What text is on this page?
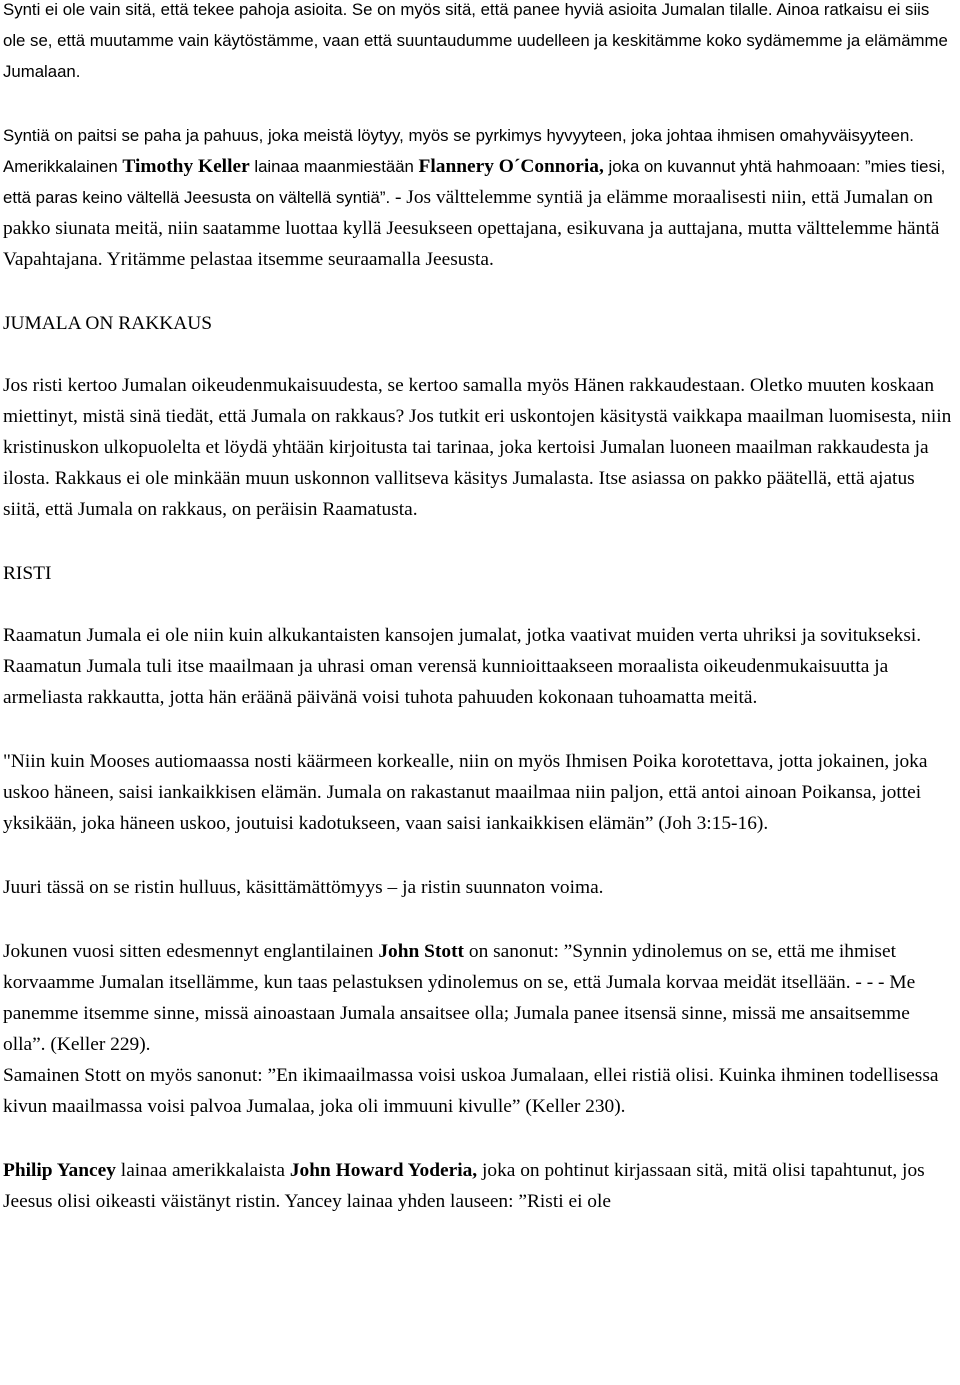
Synti ei ole vain sitä, että tekee pahoja asioita. Se on myös sitä, että panee hyviä asioita Jumalan tilalle. Ainoa ratkaisu ei siis ole se, että muutamme vain käytöstämme, vaan että suuntaudumme uudelleen ja keskitämme koko sydämemme ja elämämme Jumalaan.

Syntiä on paitsi se paha ja pahuus, joka meistä löytyy, myös se pyrkimys hyvyyteen, joka johtaa ihmisen omahyväisyyteen. Amerikkalainen Timothy Keller lainaa maanmiestään Flannery O´Connoria, joka on kuvannut yhtä hahmoaan: ”mies tiesi, että paras keino vältellä Jeesusta on vältellä syntiä”. - Jos välttelemme syntiä ja elämme moraalisesti niin, että Jumalan on pakko siunata meitä, niin saatamme luottaa kyllä Jeesukseen opettajana, esikuvana ja auttajana, mutta välttelemme häntä Vapahtajana. Yritämme pelastaa itsemme seuraamalla Jeesusta.

JUMALA ON RAKKAUS

Jos risti kertoo Jumalan oikeudenmukaisuudesta, se kertoo samalla myös Hänen rakkaudestaan. Oletko muuten koskaan miettinyt, mistä sinä tiedät, että Jumala on rakkaus? Jos tutkit eri uskontojen käsitystä vaikkapa maailman luomisesta, niin kristinuskon ulkopuolelta et löydä yhtään kirjoitusta tai tarinaa, joka kertoisi Jumalan luoneen maailman rakkaudesta ja ilosta. Rakkaus ei ole minkään muun uskonnon vallitseva käsitys Jumalasta. Itse asiassa on pakko päätellä, että ajatus siitä, että Jumala on rakkaus, on peräisin Raamatusta.

RISTI

Raamatun Jumala ei ole niin kuin alkukantaisten kansojen jumalat, jotka vaativat muiden verta uhriksi ja sovitukseksi. Raamatun Jumala tuli itse maailmaan ja uhrasi oman verensä kunnioittaakseen moraalista oikeudenmukaisuutta ja armeliasta rakkautta, jotta hän eräänä päivänä voisi tuhota pahuuden kokonaan tuhoamatta meitä.

"Niin kuin Mooses autiomaassa nosti käärmeen korkealle, niin on myös Ihmisen Poika korotettava, jotta jokainen, joka uskoo häneen, saisi iankaikkisen elämän. Jumala on rakastanut maailmaa niin paljon, että antoi ainoan Poikansa, jottei yksikään, joka häneen uskoo, joutuisi kadotukseen, vaan saisi iankaikkisen elämän” (Joh 3:15-16).

Juuri tässä on se ristin hulluus, käsittämättömyys – ja ristin suunnaton voima.

Jokunen vuosi sitten edesmennyt englantilainen John Stott on sanonut: ”Synnin ydinolemus on se, että me ihmiset korvaamme Jumalan itsellämme, kun taas pelastuksen ydinolemus on se, että Jumala korvaa meidät itsellään. - - - Me panemme itsemme sinne, missä ainoastaan Jumala ansaitsee olla; Jumala panee itsensä sinne, missä me ansaitsemme olla”. (Keller 229).

Samainen Stott on myös sanonut: ”En ikimaailmassa voisi uskoa Jumalaan, ellei ristiä olisi. Kuinka ihminen todellisessa kivun maailmassa voisi palvoa Jumalaa, joka oli immuuni kivulle” (Keller 230).

Philip Yancey lainaa amerikkalaista John Howard Yoderia, joka on pohtinut kirjassaan sitä, mitä olisi tapahtunut, jos Jeesus olisi oikeasti väistänyt ristin. Yancey lainaa yhden lauseen: ”Risti ei ole
